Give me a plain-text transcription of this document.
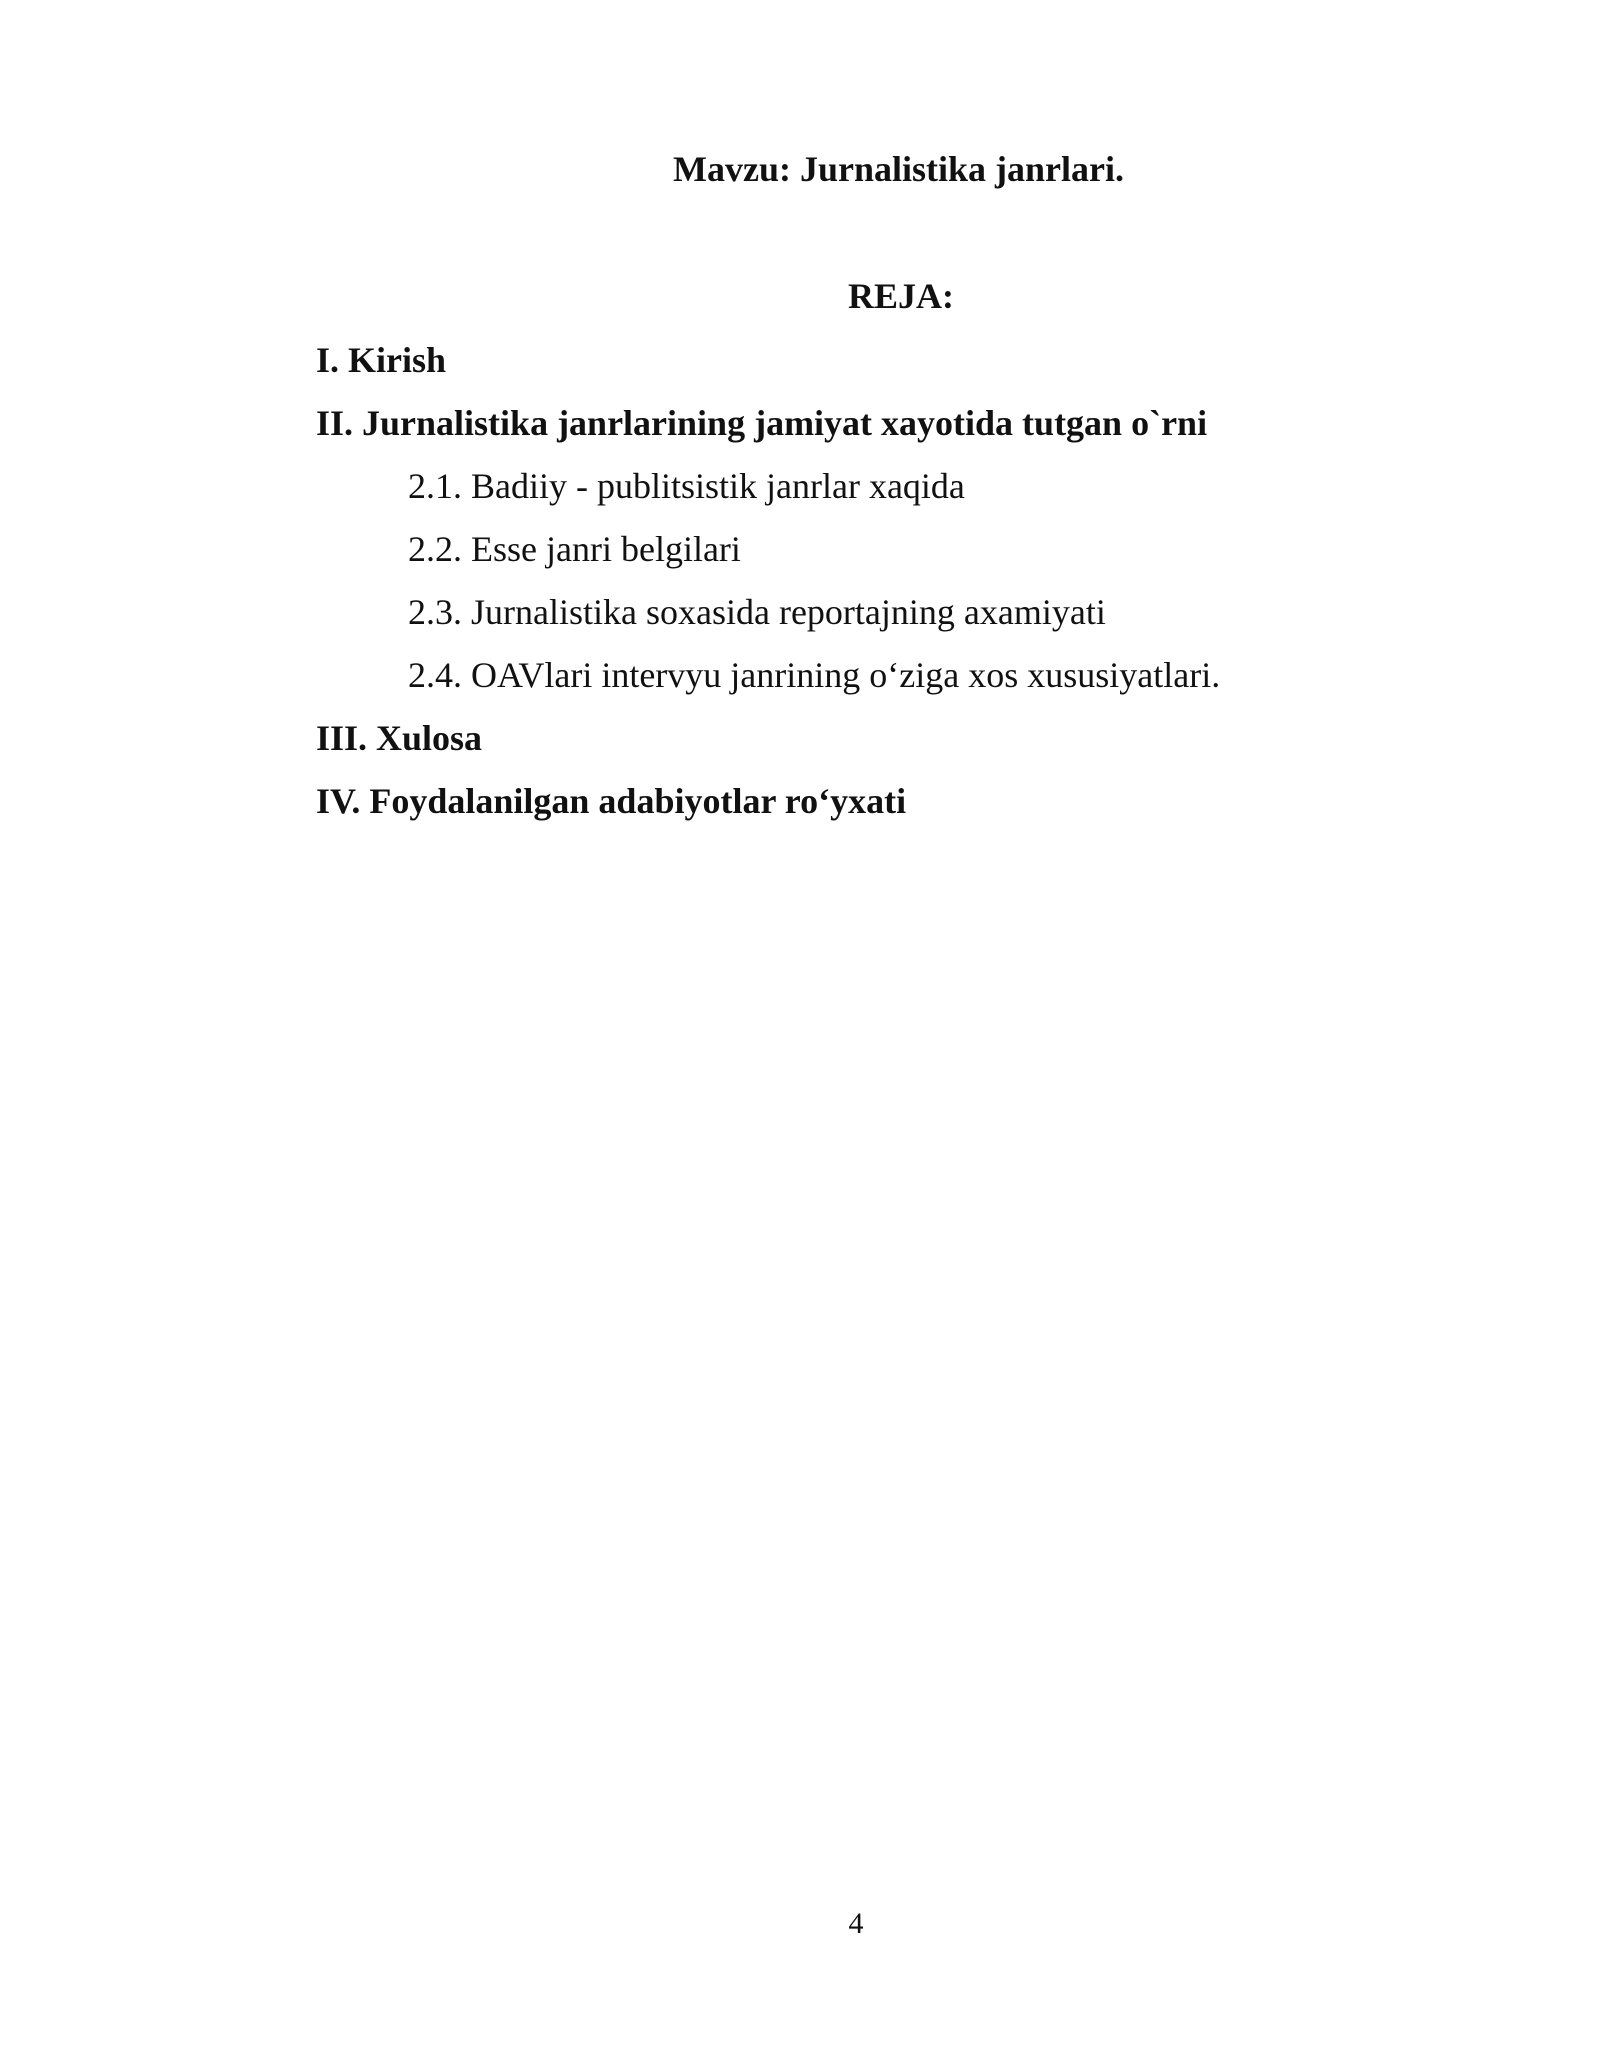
Mavzu: Jurnalistika janrlari.
REJA:
I. Kirish
II. Jurnalistika janrlarining jamiyat xayotida tutgan o`rni
2.1. Badiiy - publitsistik janrlar xaqida
2.2. Esse janri belgilari
2.3. Jurnalistika soxasida reportajning axamiyati
2.4. OAVlari intervyu janrining o‘ziga xos xususiyatlari.
III. Xulosa
IV. Foydalanilgan adabiyotlar ro‘yxati
4
